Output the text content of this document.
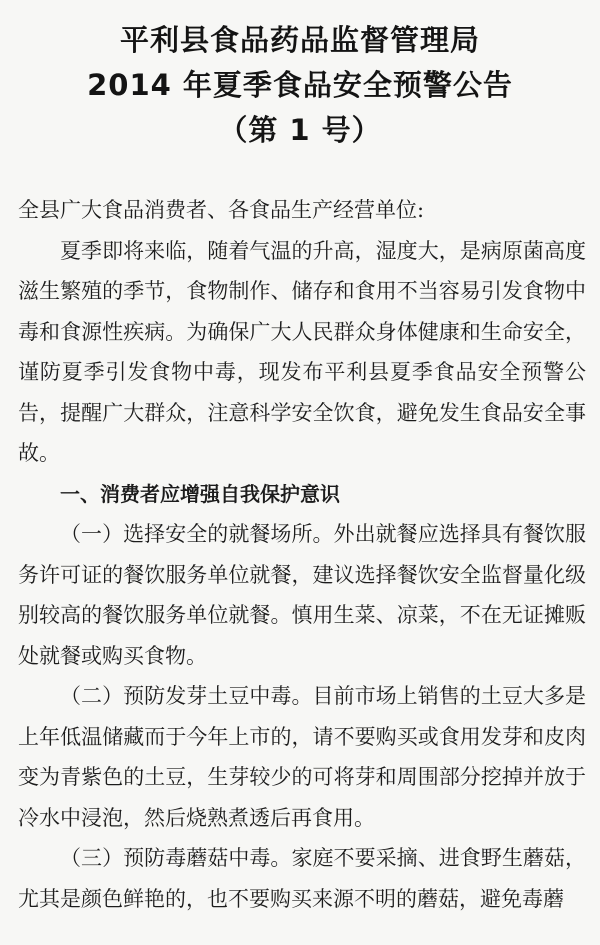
平利县食品药品监督管理局
2014 年夏季食品安全预警公告
（第 1 号）

全县广大食品消费者、各食品生产经营单位:

夏季即将来临，随着气温的升高，湿度大，是病原菌高度滋生繁殖的季节，食物制作、储存和食用不当容易引发食物中毒和食源性疾病。为确保广大人民群众身体健康和生命安全，谨防夏季引发食物中毒，现发布平利县夏季食品安全预警公告，提醒广大群众，注意科学安全饮食，避免发生食品安全事故。

一、消费者应增强自我保护意识

（一）选择安全的就餐场所。外出就餐应选择具有餐饮服务许可证的餐饮服务单位就餐，建议选择餐饮安全监督量化级别较高的餐饮服务单位就餐。慎用生菜、凉菜，不在无证摊贩处就餐或购买食物。

（二）预防发芽土豆中毒。目前市场上销售的土豆大多是上年低温储藏而于今年上市的，请不要购买或食用发芽和皮肉变为青紫色的土豆，生芽较少的可将芽和周围部分挖掉并放于冷水中浸泡，然后烧熟煮透后再食用。

（三）预防毒蘑菇中毒。家庭不要采摘、进食野生蘑菇，尤其是颜色鲜艳的，也不要购买来源不明的蘑菇，避免毒蘑
